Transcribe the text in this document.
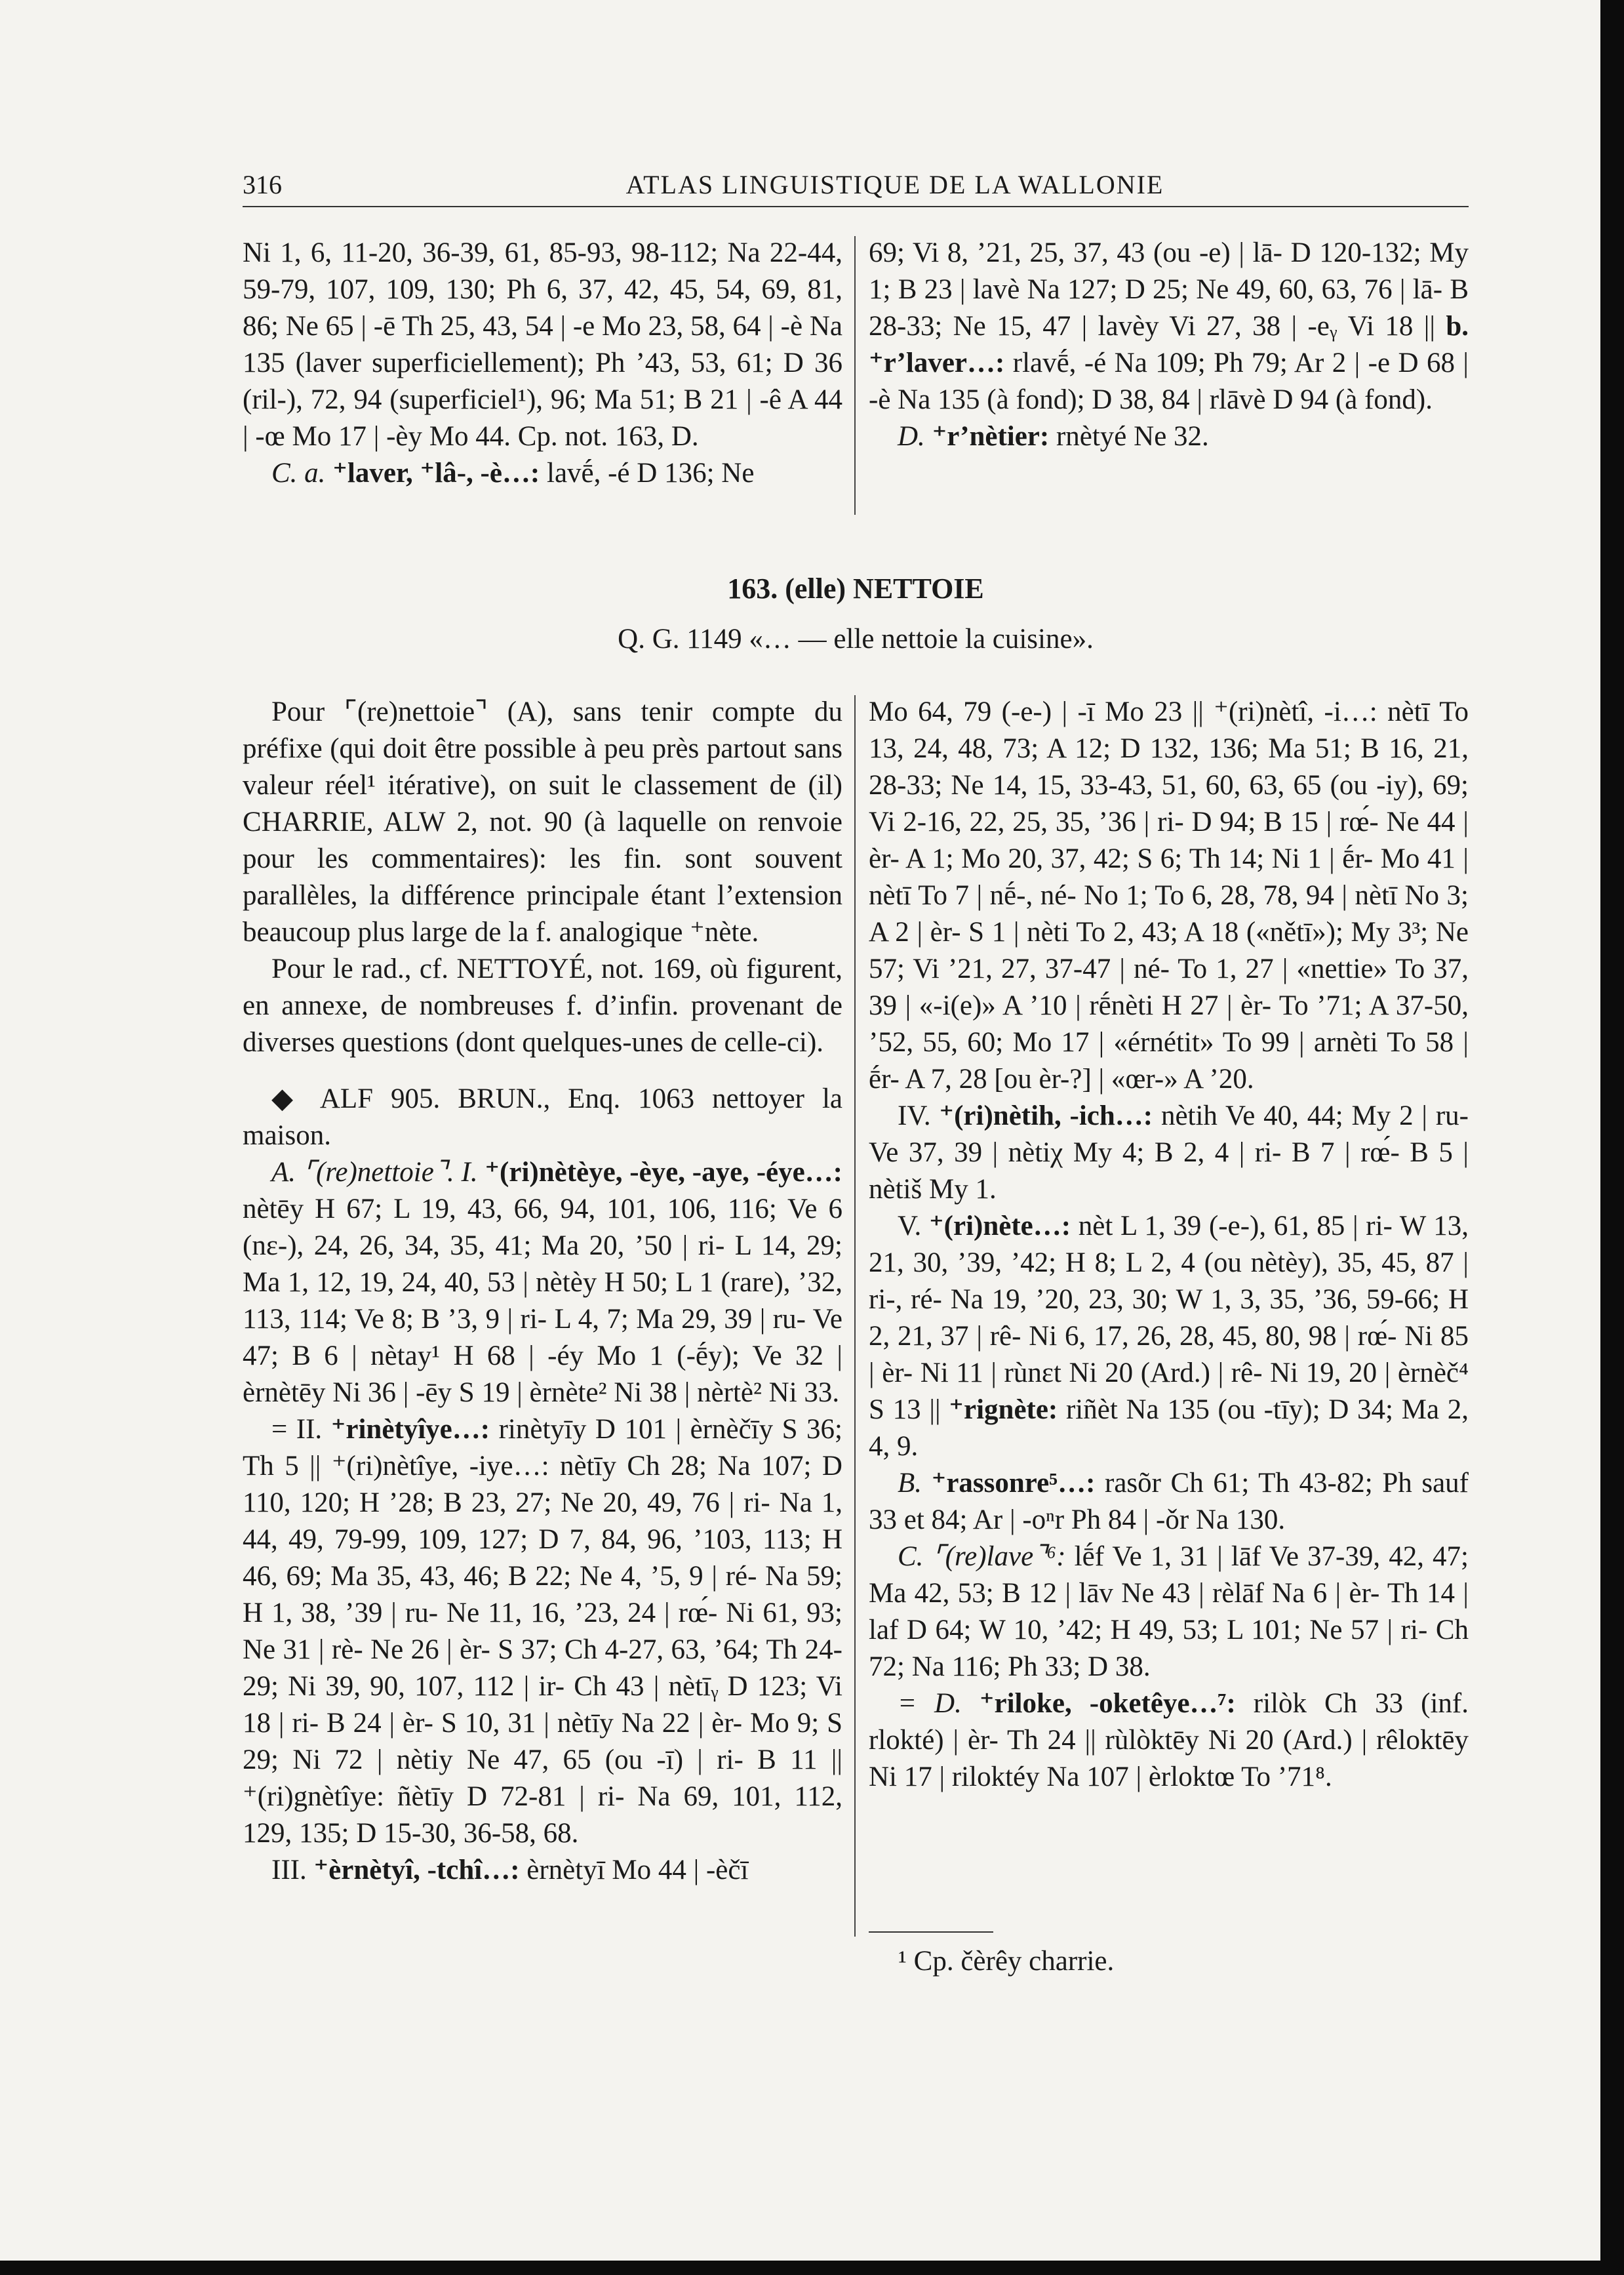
316	ATLAS LINGUISTIQUE DE LA WALLONIE

Ni 1, 6, 11-20, 36-39, 61, 85-93, 98-112; Na 22-44, 59-79, 107, 109, 130; Ph 6, 37, 42, 45, 54, 69, 81, 86; Ne 65 | -ē Th 25, 43, 54 | -e Mo 23, 58, 64 | -è Na 135 (laver superficiellement); Ph ’43, 53, 61; D 36 (ril-), 72, 94 (superficiel¹), 96; Ma 51; B 21 | -ê A 44 | -œ Mo 17 | -èy Mo 44. Cp. not. 163, D.

C. a. ⁺laver, ⁺lâ-, -è…: lavḗ, -é D 136; Ne

69; Vi 8, ’21, 25, 37, 43 (ou -e) | lā- D 120-132; My 1; B 23 | lavè Na 127; D 25; Ne 49, 60, 63, 76 | lā- B 28-33; Ne 15, 47 | lavèy Vi 27, 38 | -eᵧ Vi 18 || b. ⁺r’laver…: rlavḗ, -é Na 109; Ph 79; Ar 2 | -e D 68 | -è Na 135 (à fond); D 38, 84 | rlāvè D 94 (à fond).

D. ⁺r’nètier: rnètyé Ne 32.

163. (elle) NETTOIE
Q. G. 1149 «… — elle nettoie la cuisine».

Pour ⌜(re)nettoie⌝ (A), sans tenir compte du préfixe (qui doit être possible à peu près partout sans valeur réel¹ itérative), on suit le classement de (il) CHARRIE, ALW 2, not. 90 (à laquelle on renvoie pour les commentaires): les fin. sont souvent parallèles, la différence principale étant l’extension beaucoup plus large de la f. analogique ⁺nète.

Pour le rad., cf. NETTOYÉ, not. 169, où figurent, en annexe, de nombreuses f. d’infin. provenant de diverses questions (dont quelques-unes de celle-ci).

◆ ALF 905. BRUN., Enq. 1063 nettoyer la maison.

A. ⌜(re)nettoie⌝. I. ⁺(ri)nètèye, -èye, -aye, -éye…: nètēy H 67; L 19, 43, 66, 94, 101, 106, 116; Ve 6 (nɛ-), 24, 26, 34, 35, 41; Ma 20, ’50 | ri- L 14, 29; Ma 1, 12, 19, 24, 40, 53 | nètèy H 50; L 1 (rare), ’32, 113, 114; Ve 8; B ’3, 9 | ri- L 4, 7; Ma 29, 39 | ru- Ve 47; B 6 | nètay¹ H 68 | -éy Mo 1 (-ḗy); Ve 32 | èrnètēy Ni 36 | -ēy S 19 | èrnète² Ni 38 | nèrtè² Ni 33.

= II. ⁺rinètyîye…: rinètyīy D 101 | èrnèčīy S 36; Th 5 || ⁺(ri)nètîye, -iye…: nètīy Ch 28; Na 107; D 110, 120; H ’28; B 23, 27; Ne 20, 49, 76 | ri- Na 1, 44, 49, 79-99, 109, 127; D 7, 84, 96, ’103, 113; H 46, 69; Ma 35, 43, 46; B 22; Ne 4, ’5, 9 | ré- Na 59; H 1, 38, ’39 | ru- Ne 11, 16, ’23, 24 | rœ́- Ni 61, 93; Ne 31 | rè- Ne 26 | èr- S 37; Ch 4-27, 63, ’64; Th 24-29; Ni 39, 90, 107, 112 | ir- Ch 43 | nètīᵧ D 123; Vi 18 | ri- B 24 | èr- S 10, 31 | nètīy Na 22 | èr- Mo 9; S 29; Ni 72 | nètiy Ne 47, 65 (ou -ī) | ri- B 11 || ⁺(ri)gnètîye: ñètīy D 72-81 | ri- Na 69, 101, 112, 129, 135; D 15-30, 36-58, 68.

III. ⁺èrnètyî, -tchî…: èrnètyī Mo 44 | -èčī

Mo 64, 79 (-e-) | -ī Mo 23 || ⁺(ri)nètî, -i…: nètī To 13, 24, 48, 73; A 12; D 132, 136; Ma 51; B 16, 21, 28-33; Ne 14, 15, 33-43, 51, 60, 63, 65 (ou -iy), 69; Vi 2-16, 22, 25, 35, ’36 | ri- D 94; B 15 | rœ́- Ne 44 | èr- A 1; Mo 20, 37, 42; S 6; Th 14; Ni 1 | ḗr- Mo 41 | nètī To 7 | nḗ-, né- No 1; To 6, 28, 78, 94 | nètī No 3; A 2 | èr- S 1 | nèti To 2, 43; A 18 («nětī»); My 3³; Ne 57; Vi ’21, 27, 37-47 | né- To 1, 27 | «nettie» To 37, 39 | «-i(e)» A ’10 | rḗnèti H 27 | èr- To ’71; A 37-50, ’52, 55, 60; Mo 17 | «érnétit» To 99 | arnèti To 58 | ḗr- A 7, 28 [ou èr-?] | «œr-» A ’20.

IV. ⁺(ri)nètih, -ich…: nètih Ve 40, 44; My 2 | ru- Ve 37, 39 | nètiχ My 4; B 2, 4 | ri- B 7 | rœ́- B 5 | nètiš My 1.

V. ⁺(ri)nète…: nèt L 1, 39 (-e-), 61, 85 | ri- W 13, 21, 30, ’39, ’42; H 8; L 2, 4 (ou nètèy), 35, 45, 87 | ri-, ré- Na 19, ’20, 23, 30; W 1, 3, 35, ’36, 59-66; H 2, 21, 37 | rê- Ni 6, 17, 26, 28, 45, 80, 98 | rœ́- Ni 85 | èr- Ni 11 | rùnɛt Ni 20 (Ard.) | rê- Ni 19, 20 | èrnèč⁴ S 13 || ⁺rignète: riñèt Na 135 (ou -tīy); D 34; Ma 2, 4, 9.

B. ⁺rassonre⁵…: rasõr Ch 61; Th 43-82; Ph sauf 33 et 84; Ar | -oⁿr Ph 84 | -ǒr Na 130.

C. ⌜(re)lave⌝⁶: lḗf Ve 1, 31 | lāf Ve 37-39, 42, 47; Ma 42, 53; B 12 | lāv Ne 43 | rèlāf Na 6 | èr- Th 14 | laf D 64; W 10, ’42; H 49, 53; L 101; Ne 57 | ri- Ch 72; Na 116; Ph 33; D 38.

= D. ⁺riloke, -oketêye…⁷: rilòk Ch 33 (inf. rlokté) | èr- Th 24 || rùlòktēy Ni 20 (Ard.) | rêloktēy Ni 17 | riloktéy Na 107 | èrloktœ To ’71⁸.

¹ Cp. čèrêy charrie.
